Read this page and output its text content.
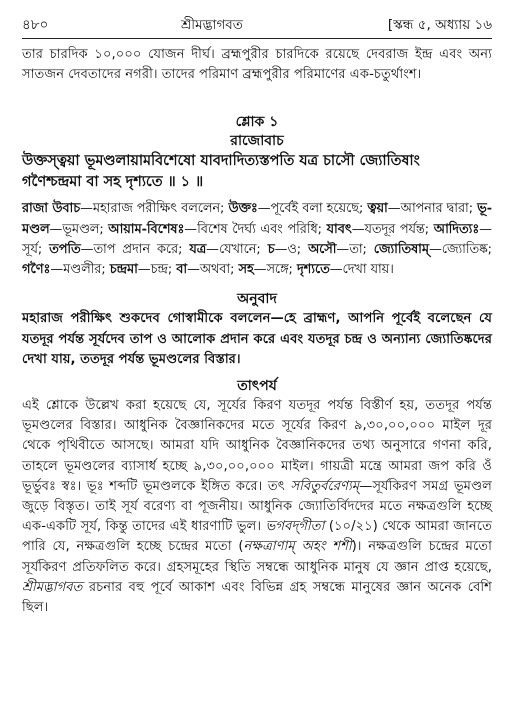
৪৮০	শ্রীমদ্ভাগবত	[স্কন্ধ ৫, অধ্যায় ১৬

তার চারদিক ১০,০০০ যোজন দীর্ঘ। ব্রহ্মপুরীর চারদিকে রয়েছে দেবরাজ ইন্দ্র এবং অন্য সাতজন দেবতাদের নগরী। তাদের পরিমাণ ব্রহ্মপুরীর পরিমাণের এক-চতুর্থাংশ।

শ্লোক ১
রাজোবাচ
উক্তস্ত্বয়া ভূমণ্ডলায়ামবিশেষো যাবদাদিত্যস্তপতি যত্র চাসৌ জ্যোতিষাং
গণৈশ্চন্দ্রমা বা সহ দৃশ্যতে ॥ ১ ॥

রাজা উবাচ—মহারাজ পরীক্ষিৎ বললেন; উক্তঃ—পূর্বেই বলা হয়েছে; ত্বয়া—আপনার দ্বারা; ভূ-মণ্ডল—ভূমণ্ডল; আয়াম-বিশেষঃ—বিশেষ দৈর্ঘ্য এবং পরিধি; যাবৎ—যতদূর পর্যন্ত; আদিত্যঃ—সূর্য; তপতি—তাপ প্রদান করে; যত্র—যেখানে; চ—ও; অসৌ—তা; জ্যোতিষাম্—জ্যোতিষ্ক; গণৈঃ—মণ্ডলীর; চন্দ্রমা—চন্দ্র; বা—অথবা; সহ—সঙ্গে; দৃশ্যতে—দেখা যায়।

অনুবাদ

মহারাজ পরীক্ষিৎ শুকদেব গোস্বামীকে বললেন—হে ব্রাহ্মণ, আপনি পূর্বেই বলেছেন যে যতদূর পর্যন্ত সূর্যদেব তাপ ও আলোক প্রদান করে এবং যতদূর চন্দ্র ও অন্যান্য জ্যোতিষ্কদের দেখা যায়, ততদূর পর্যন্ত ভূমণ্ডলের বিস্তার।

তাৎপর্য

এই শ্লোকে উল্লেখ করা হয়েছে যে, সূর্যের কিরণ যতদূর পর্যন্ত বিস্তীর্ণ হয়, ততদূর পর্যন্ত ভূমণ্ডলের বিস্তার। আধুনিক বৈজ্ঞানিকদের মতে সূর্যের কিরণ ৯,৩০,০০,০০০ মাইল দূর থেকে পৃথিবীতে আসছে। আমরা যদি আধুনিক বৈজ্ঞানিকদের তথ্য অনুসারে গণনা করি, তাহলে ভূমণ্ডলের ব্যাসার্ধ হচ্ছে ৯,৩০,০০,০০০ মাইল। গায়ত্রী মন্ত্রে আমরা জপ করি ওঁ ভূর্ভুবঃ স্বঃ। ভূঃ শব্দটি ভূমণ্ডলকে ইঙ্গিত করে। তৎ সবিতুর্বরেণ্যম্—সূর্যকিরণ সমগ্র ভূমণ্ডল জুড়ে বিস্তৃত। তাই সূর্য বরেণ্য বা পূজনীয়। আধুনিক জ্যোতির্বিদদের মতে নক্ষত্রগুলি হচ্ছে এক-একটি সূর্য, কিন্তু তাদের এই ধারণাটি ভুল। ভগবদ্‌গীতা (১০/২১) থেকে আমরা জানতে পারি যে, নক্ষত্রগুলি হচ্ছে চন্দ্রের মতো (নক্ষত্রাণাম্ অহং শশী)। নক্ষত্রগুলি চন্দ্রের মতো সূর্যকিরণ প্রতিফলিত করে। গ্রহসমূহের স্থিতি সম্বন্ধে আধুনিক মানুষ যে জ্ঞান প্রাপ্ত হয়েছে, শ্রীমদ্ভাগবত রচনার বহু পূর্বে আকাশ এবং বিভিন্ন গ্রহ সম্বন্ধে মানুষের জ্ঞান অনেক বেশি ছিল।
